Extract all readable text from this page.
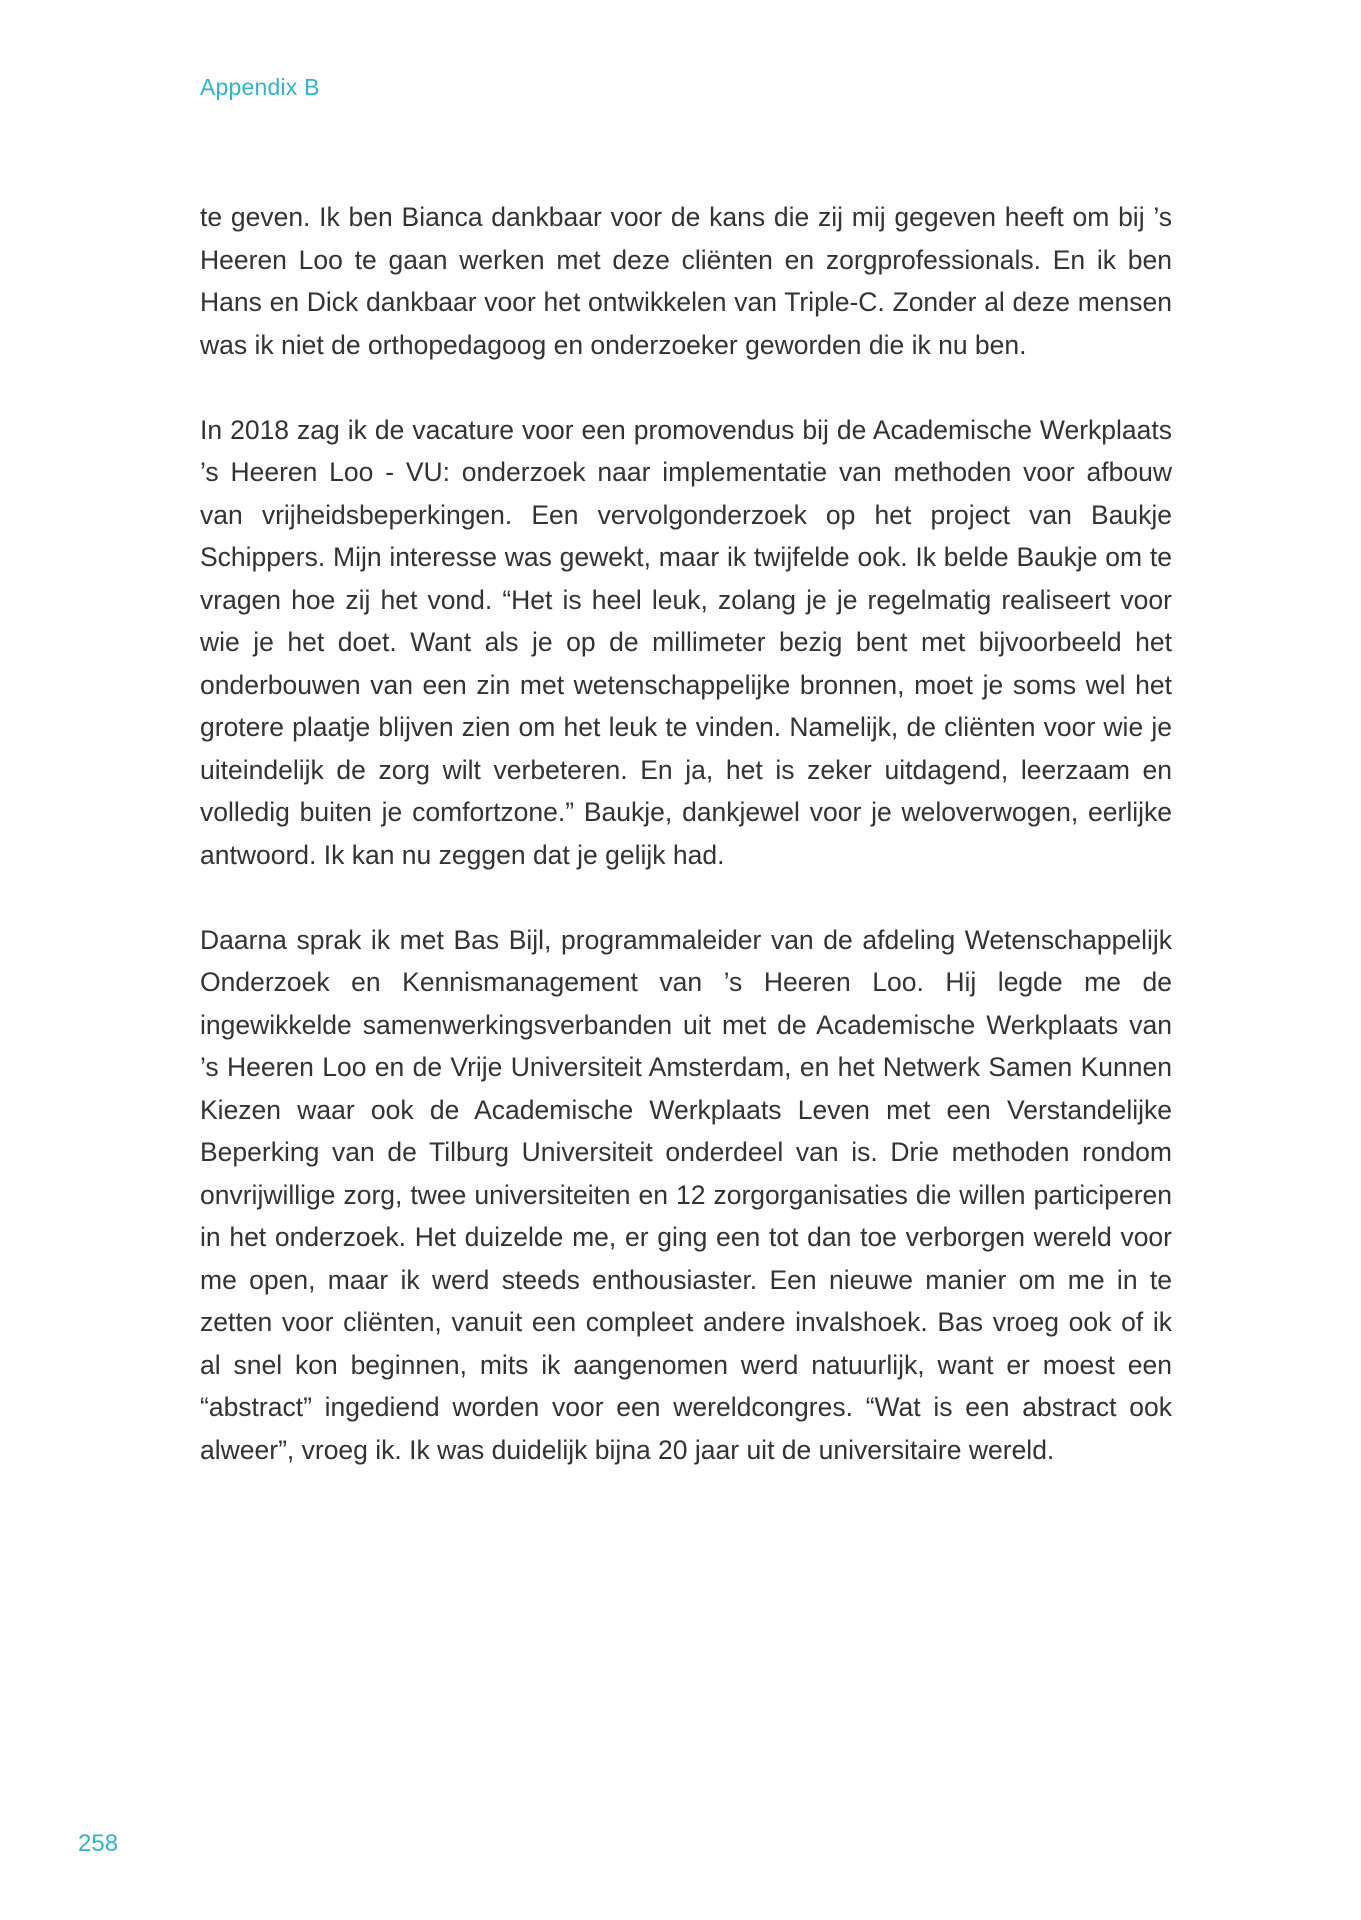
Appendix B

te geven. Ik ben Bianca dankbaar voor de kans die zij mij gegeven heeft om bij ’s Heeren Loo te gaan werken met deze cliënten en zorgprofessionals. En ik ben Hans en Dick dankbaar voor het ontwikkelen van Triple-C. Zonder al deze mensen was ik niet de orthopedagoog en onderzoeker geworden die ik nu ben.

In 2018 zag ik de vacature voor een promovendus bij de Academische Werkplaats ’s Heeren Loo - VU: onderzoek naar implementatie van methoden voor afbouw van vrijheidsbeperkingen. Een vervolgonderzoek op het project van Baukje Schippers. Mijn interesse was gewekt, maar ik twijfelde ook. Ik belde Baukje om te vragen hoe zij het vond. “Het is heel leuk, zolang je je regelmatig realiseert voor wie je het doet. Want als je op de millimeter bezig bent met bijvoorbeeld het onderbouwen van een zin met wetenschappelijke bronnen, moet je soms wel het grotere plaatje blijven zien om het leuk te vinden. Namelijk, de cliënten voor wie je uiteindelijk de zorg wilt verbeteren. En ja, het is zeker uitdagend, leerzaam en volledig buiten je comfortzone.” Baukje, dankjewel voor je weloverwogen, eerlijke antwoord. Ik kan nu zeggen dat je gelijk had.

Daarna sprak ik met Bas Bijl, programmaleider van de afdeling Wetenschappelijk Onderzoek en Kennismanagement van ’s Heeren Loo. Hij legde me de ingewikkelde samenwerkingsverbanden uit met de Academische Werkplaats van ’s Heeren Loo en de Vrije Universiteit Amsterdam, en het Netwerk Samen Kunnen Kiezen waar ook de Academische Werkplaats Leven met een Verstandelijke Beperking van de Tilburg Universiteit onderdeel van is. Drie methoden rondom onvrijwillige zorg, twee universiteiten en 12 zorgorganisaties die willen participeren in het onderzoek. Het duizelde me, er ging een tot dan toe verborgen wereld voor me open, maar ik werd steeds enthousiaster. Een nieuwe manier om me in te zetten voor cliënten, vanuit een compleet andere invalshoek. Bas vroeg ook of ik al snel kon beginnen, mits ik aangenomen werd natuurlijk, want er moest een “abstract” ingediend worden voor een wereldcongres. “Wat is een abstract ook alweer”, vroeg ik. Ik was duidelijk bijna 20 jaar uit de universitaire wereld.

258
